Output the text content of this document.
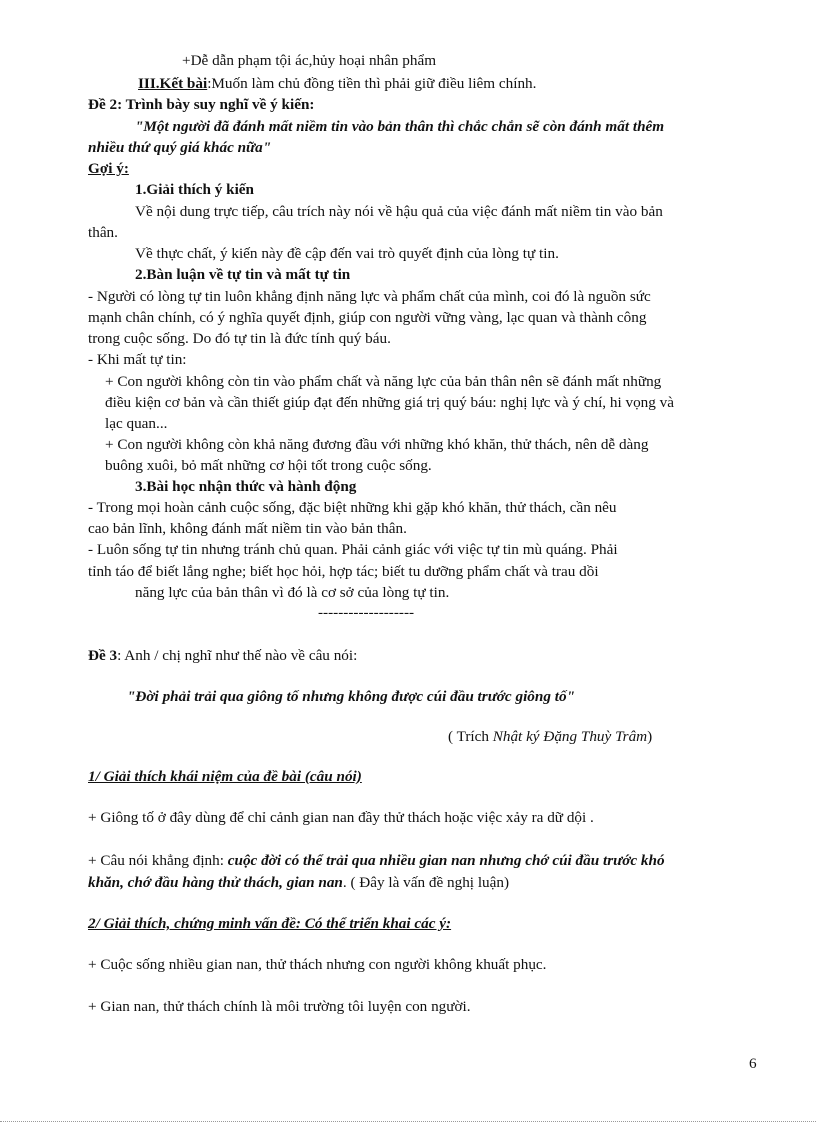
+Dễ dẫn phạm tội ác,hủy hoại nhân phẩm
III.Kết bài:Muốn làm chủ đồng tiền thì phải giữ điều liêm chính.
Đề 2: Trình bày suy nghĩ về ý kiến:
"Một người đã đánh mất niềm tin vào bản thân thì chắc chắn sẽ còn đánh mất thêm
nhiều thứ quý giá khác nữa"
Gợi ý:
1.Giải thích ý kiến
Về nội dung trực tiếp, câu trích này nói về hậu quả của việc đánh mất niềm tin vào bản
thân.
Về thực chất, ý kiến này đề cập đến vai trò quyết định của lòng tự tin.
2.Bàn luận về tự tin và mất tự tin
- Người có lòng tự tin luôn khẳng định năng lực và phẩm chất của mình, coi đó là nguồn sức
mạnh chân chính, có ý nghĩa quyết định, giúp con người vững vàng, lạc quan và thành công
trong cuộc sống. Do đó tự tin là đức tính quý báu.
- Khi mất tự tin:
+ Con người không còn tin vào phẩm chất và năng lực của bản thân nên sẽ đánh mất những
điều kiện cơ bản và cần thiết giúp đạt đến những giá trị quý báu: nghị lực và ý chí, hi vọng và
lạc quan...
+ Con người không còn khả năng đương đầu với những khó khăn, thử thách, nên dễ dàng
buông xuôi, bỏ mất những cơ hội tốt trong cuộc sống.
3.Bài học nhận thức và hành động
- Trong mọi hoàn cảnh cuộc sống, đặc biệt những khi gặp khó khăn, thử thách, cần nêu
cao bản lĩnh, không đánh mất niềm tin vào bản thân.
- Luôn sống tự tin nhưng tránh chủ quan. Phải cảnh giác với việc tự tin mù quáng. Phải
tỉnh táo để biết lắng nghe; biết học hỏi, hợp tác; biết tu dưỡng phẩm chất và trau dồi
năng lực của bản thân vì đó là cơ sở của lòng tự tin.
-------------------
Đề 3: Anh / chị nghĩ như thế nào về câu nói:
"Đời phải trải qua giông tố nhưng không được cúi đầu trước giông tố"
( Trích Nhật ký Đặng Thuỳ Trâm)
1/ Giải thích khái niệm của đề bài (câu nói)
+ Giông tố ở đây dùng để chỉ cảnh gian nan đầy thử thách hoặc việc xảy ra dữ dội .
+ Câu nói khẳng định: cuộc đời có thể trải qua nhiều gian nan nhưng chớ cúi đầu trước khó
khăn, chớ đầu hàng thử thách, gian nan. ( Đây là vấn đề nghị luận)
2/ Giải thích, chứng minh vấn đề: Có thể triển khai các ý:
+ Cuộc sống nhiều gian nan, thử thách nhưng con người không khuất phục.
+ Gian nan, thử thách chính là môi trường tôi luyện con người.
6
